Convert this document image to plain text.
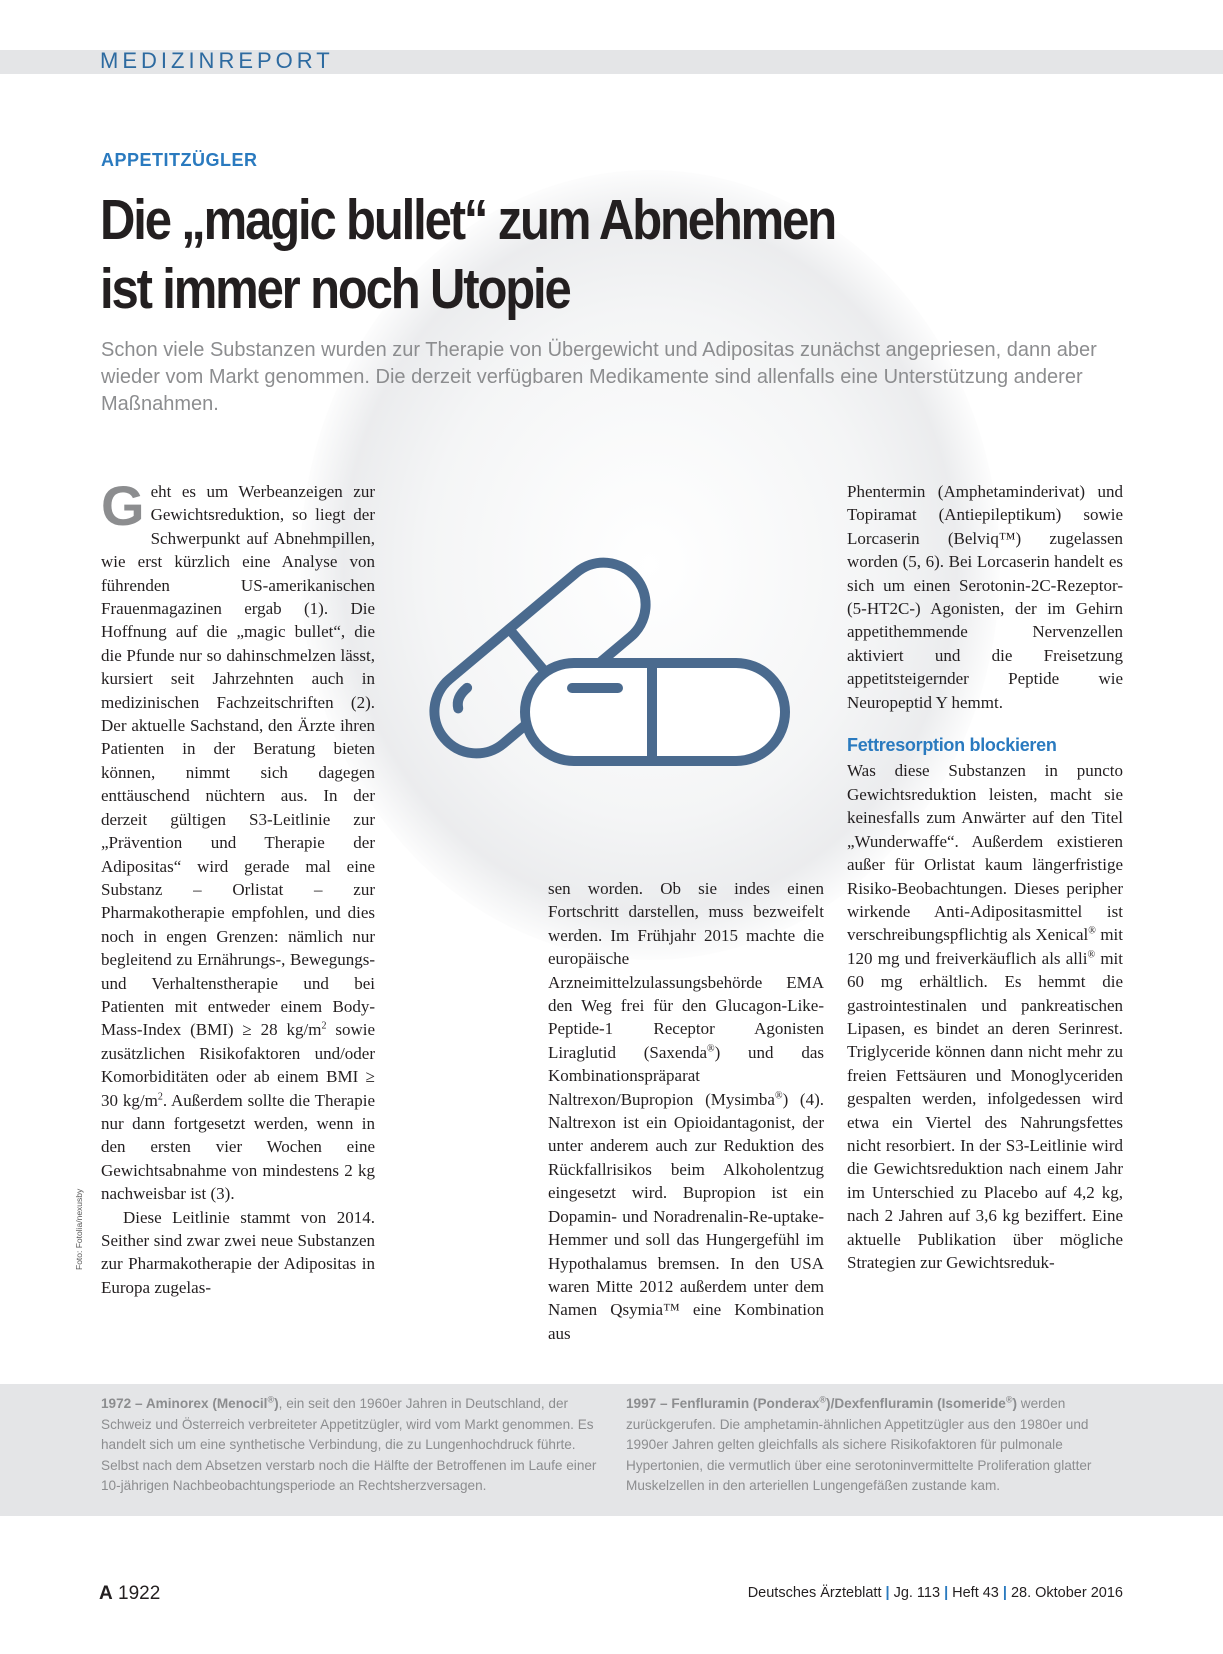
MEDIZINREPORT
APPETITZÜGLER
Die „magic bullet“ zum Abnehmen
ist immer noch Utopie

Schon viele Substanzen wurden zur Therapie von Übergewicht und Adipositas zunächst angepriesen, dann aber wieder vom Markt genommen. Die derzeit verfügbaren Medikamente sind allenfalls eine Unterstützung anderer Maßnahmen.

Geht es um Werbeanzeigen zur Gewichtsreduktion, so liegt der Schwerpunkt auf Abnehmpillen, wie erst kürzlich eine Analyse von führenden US-amerikanischen Frauenmagazinen ergab (1). Die Hoffnung auf die „magic bullet“, die die Pfunde nur so dahinschmelzen lässt, kursiert seit Jahrzehnten auch in medizinischen Fachzeitschriften (2). Der aktuelle Sachstand, den Ärzte ihren Patienten in der Beratung bieten können, nimmt sich dagegen enttäuschend nüchtern aus. In der derzeit gültigen S3-Leitlinie zur „Prävention und Therapie der Adipositas“ wird gerade mal eine Substanz – Orlistat – zur Pharmakotherapie empfohlen, und dies noch in engen Grenzen: nämlich nur begleitend zu Ernährungs-, Bewegungs- und Verhaltenstherapie und bei Patienten mit entweder einem Body-Mass-Index (BMI) ≥ 28 $kg/m^2$ sowie zusätzlichen Risikofaktoren und/oder Komorbiditäten oder ab einem BMI ≥ 30 $kg/m^2$. Außerdem sollte die Therapie nur dann fortgesetzt werden, wenn in den ersten vier Wochen eine Gewichtsabnahme von mindestens 2 kg nachweisbar ist (3).

Diese Leitlinie stammt von 2014. Seither sind zwar zwei neue Substanzen zur Pharmakotherapie der Adipositas in Europa zugelas-

sen worden. Ob sie indes einen Fortschritt darstellen, muss bezweifelt werden. Im Frühjahr 2015 machte die europäische Arzneimittelzulassungsbehörde EMA den Weg frei für den Glucagon-Like-Peptide-1 Receptor Agonisten Liraglutid (Saxenda®) und das Kombinationspräparat Naltrexon/Bupropion (Mysimba®) (4). Naltrexon ist ein Opioidantagonist, der unter anderem auch zur Reduktion des Rückfallrisikos beim Alkoholentzug eingesetzt wird. Bupropion ist ein Dopamin- und Noradrenalin-Re-uptake-Hemmer und soll das Hungergefühl im Hypothalamus bremsen. In den USA waren Mitte 2012 außerdem unter dem Namen Qsymia™ eine Kombination aus

Phentermin (Amphetaminderivat) und Topiramat (Antiepileptikum) sowie Lorcaserin (Belviq™) zugelassen worden (5, 6). Bei Lorcaserin handelt es sich um einen Serotonin-2C-Rezeptor-(5-HT2C-) Agonisten, der im Gehirn appetithemmende Nervenzellen aktiviert und die Freisetzung appetitsteigernder Peptide wie Neuropeptid Y hemmt.

Fettresorption blockieren

Was diese Substanzen in puncto Gewichtsreduktion leisten, macht sie keinesfalls zum Anwärter auf den Titel „Wunderwaffe“. Außerdem existieren außer für Orlistat kaum längerfristige Risiko-Beobachtungen. Dieses peripher wirkende Anti-Adipositasmittel ist verschreibungspflichtig als Xenical® mit 120 mg und freiverkäuflich als alli® mit 60 mg erhältlich. Es hemmt die gastrointestinalen und pankreatischen Lipasen, es bindet an deren Serinrest. Triglyceride können dann nicht mehr zu freien Fettsäuren und Monoglyceriden gespalten werden, infolgedessen wird etwa ein Viertel des Nahrungsfettes nicht resorbiert. In der S3-Leitlinie wird die Gewichtsreduktion nach einem Jahr im Unterschied zu Placebo auf 4,2 kg, nach 2 Jahren auf 3,6 kg beziffert. Eine aktuelle Publikation über mögliche Strategien zur Gewichtsreduk-

Foto: Fotolia/nexusby

1972 – Aminorex (Menocil®), ein seit den 1960er Jahren in Deutschland, der Schweiz und Österreich verbreiteter Appetitzügler, wird vom Markt genommen. Es handelt sich um eine synthetische Verbindung, die zu Lungenhochdruck führte. Selbst nach dem Absetzen verstarb noch die Hälfte der Betroffenen im Laufe einer 10-jährigen Nachbeobachtungsperiode an Rechtsherzversagen.

1997 – Fenfluramin (Ponderax®)/Dexfenfluramin (Isomeride®) werden zurückgerufen. Die amphetamin-ähnlichen Appetitzügler aus den 1980er und 1990er Jahren gelten gleichfalls als sichere Risikofaktoren für pulmonale Hypertonien, die vermutlich über eine serotoninvermittelte Proliferation glatter Muskelzellen in den arteriellen Lungengefäßen zustande kam.

A 1922	Deutsches Ärzteblatt | Jg. 113 | Heft 43 | 28. Oktober 2016
